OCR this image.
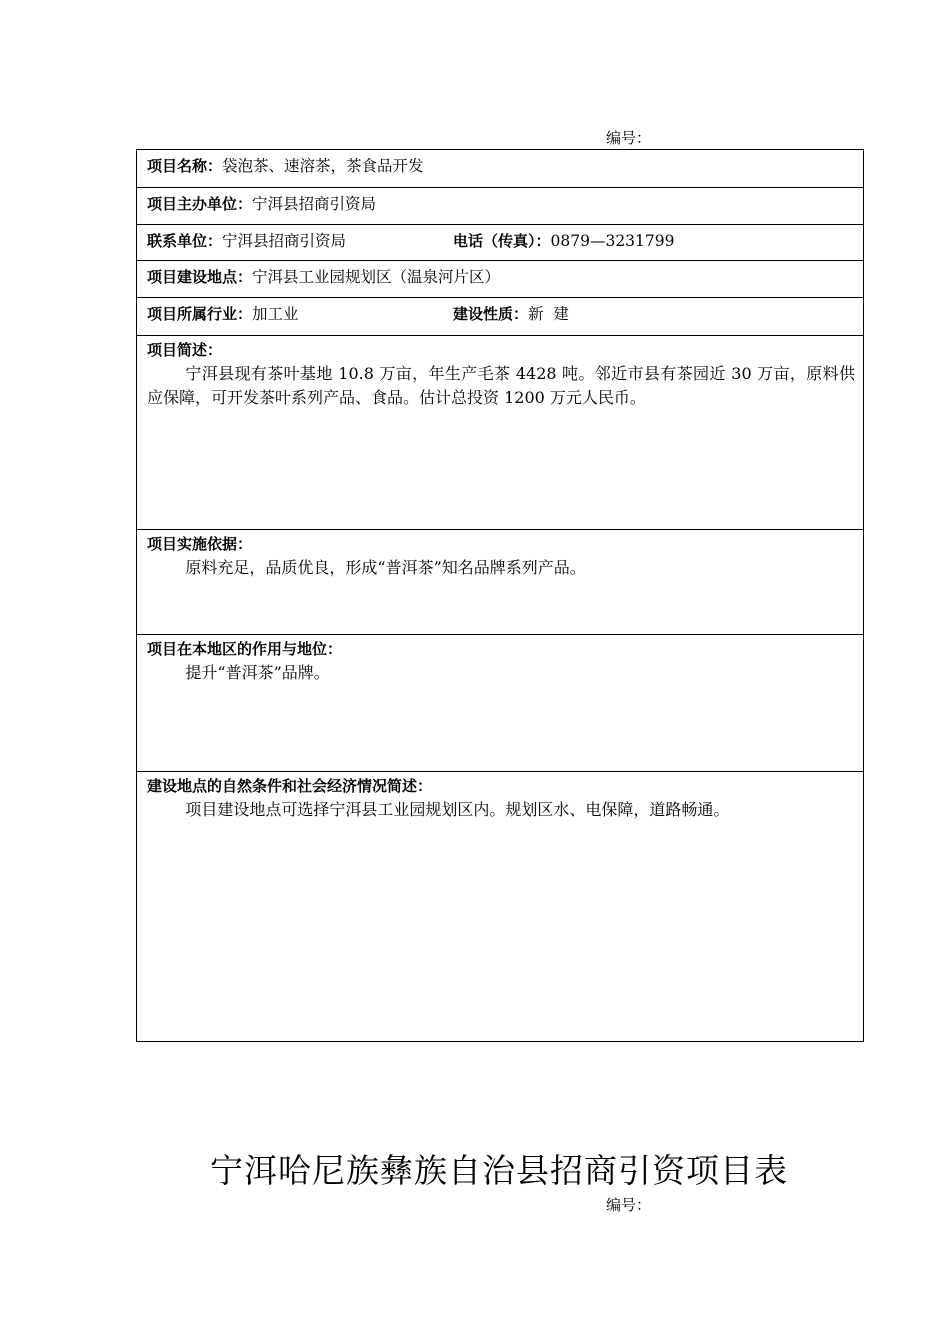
编号：
项目名称：袋泡茶、速溶茶，茶食品开发
项目主办单位：宁洱县招商引资局
联系单位：宁洱县招商引资局	电话（传真）：0879—3231799
项目建设地点：宁洱县工业园规划区（温泉河片区）
项目所属行业：加工业	建设性质：新  建
项目简述：
宁洱县现有茶叶基地 10.8 万亩，年生产毛茶 4428 吨。邻近市县有茶园近 30 万亩，原料供应保障，可开发茶叶系列产品、食品。估计总投资 1200 万元人民币。
项目实施依据：
原料充足，品质优良，形成“普洱茶”知名品牌系列产品。
项目在本地区的作用与地位：
提升“普洱茶”品牌。
建设地点的自然条件和社会经济情况简述：
项目建设地点可选择宁洱县工业园规划区内。规划区水、电保障，道路畅通。
宁洱哈尼族彝族自治县招商引资项目表
编号：
